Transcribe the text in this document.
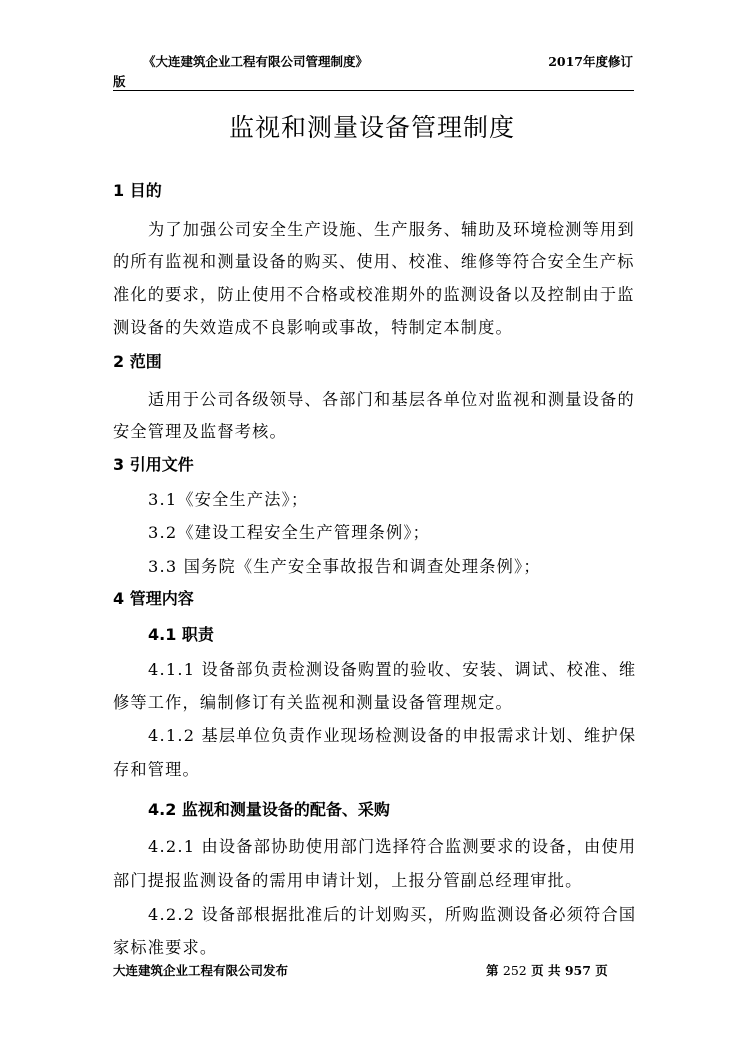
《大连建筑企业工程有限公司管理制度》	2017年度修订
版
监视和测量设备管理制度
1 目的
为了加强公司安全生产设施、生产服务、辅助及环境检测等用到
的所有监视和测量设备的购买、使用、校准、维修等符合安全生产标
准化的要求，防止使用不合格或校准期外的监测设备以及控制由于监
测设备的失效造成不良影响或事故，特制定本制度。
2 范围
适用于公司各级领导、各部门和基层各单位对监视和测量设备的
安全管理及监督考核。
3 引用文件
3.1《安全生产法》；
3.2《建设工程安全生产管理条例》；
3.3 国务院《生产安全事故报告和调查处理条例》；
4 管理内容
4.1 职责
4.1.1 设备部负责检测设备购置的验收、安装、调试、校准、维
修等工作，编制修订有关监视和测量设备管理规定。
4.1.2 基层单位负责作业现场检测设备的申报需求计划、维护保
存和管理。
4.2 监视和测量设备的配备、采购
4.2.1 由设备部协助使用部门选择符合监测要求的设备，由使用
部门提报监测设备的需用申请计划，上报分管副总经理审批。
4.2.2 设备部根据批准后的计划购买，所购监测设备必须符合国
家标准要求。
大连建筑企业工程有限公司发布	第 252 页 共 957 页
